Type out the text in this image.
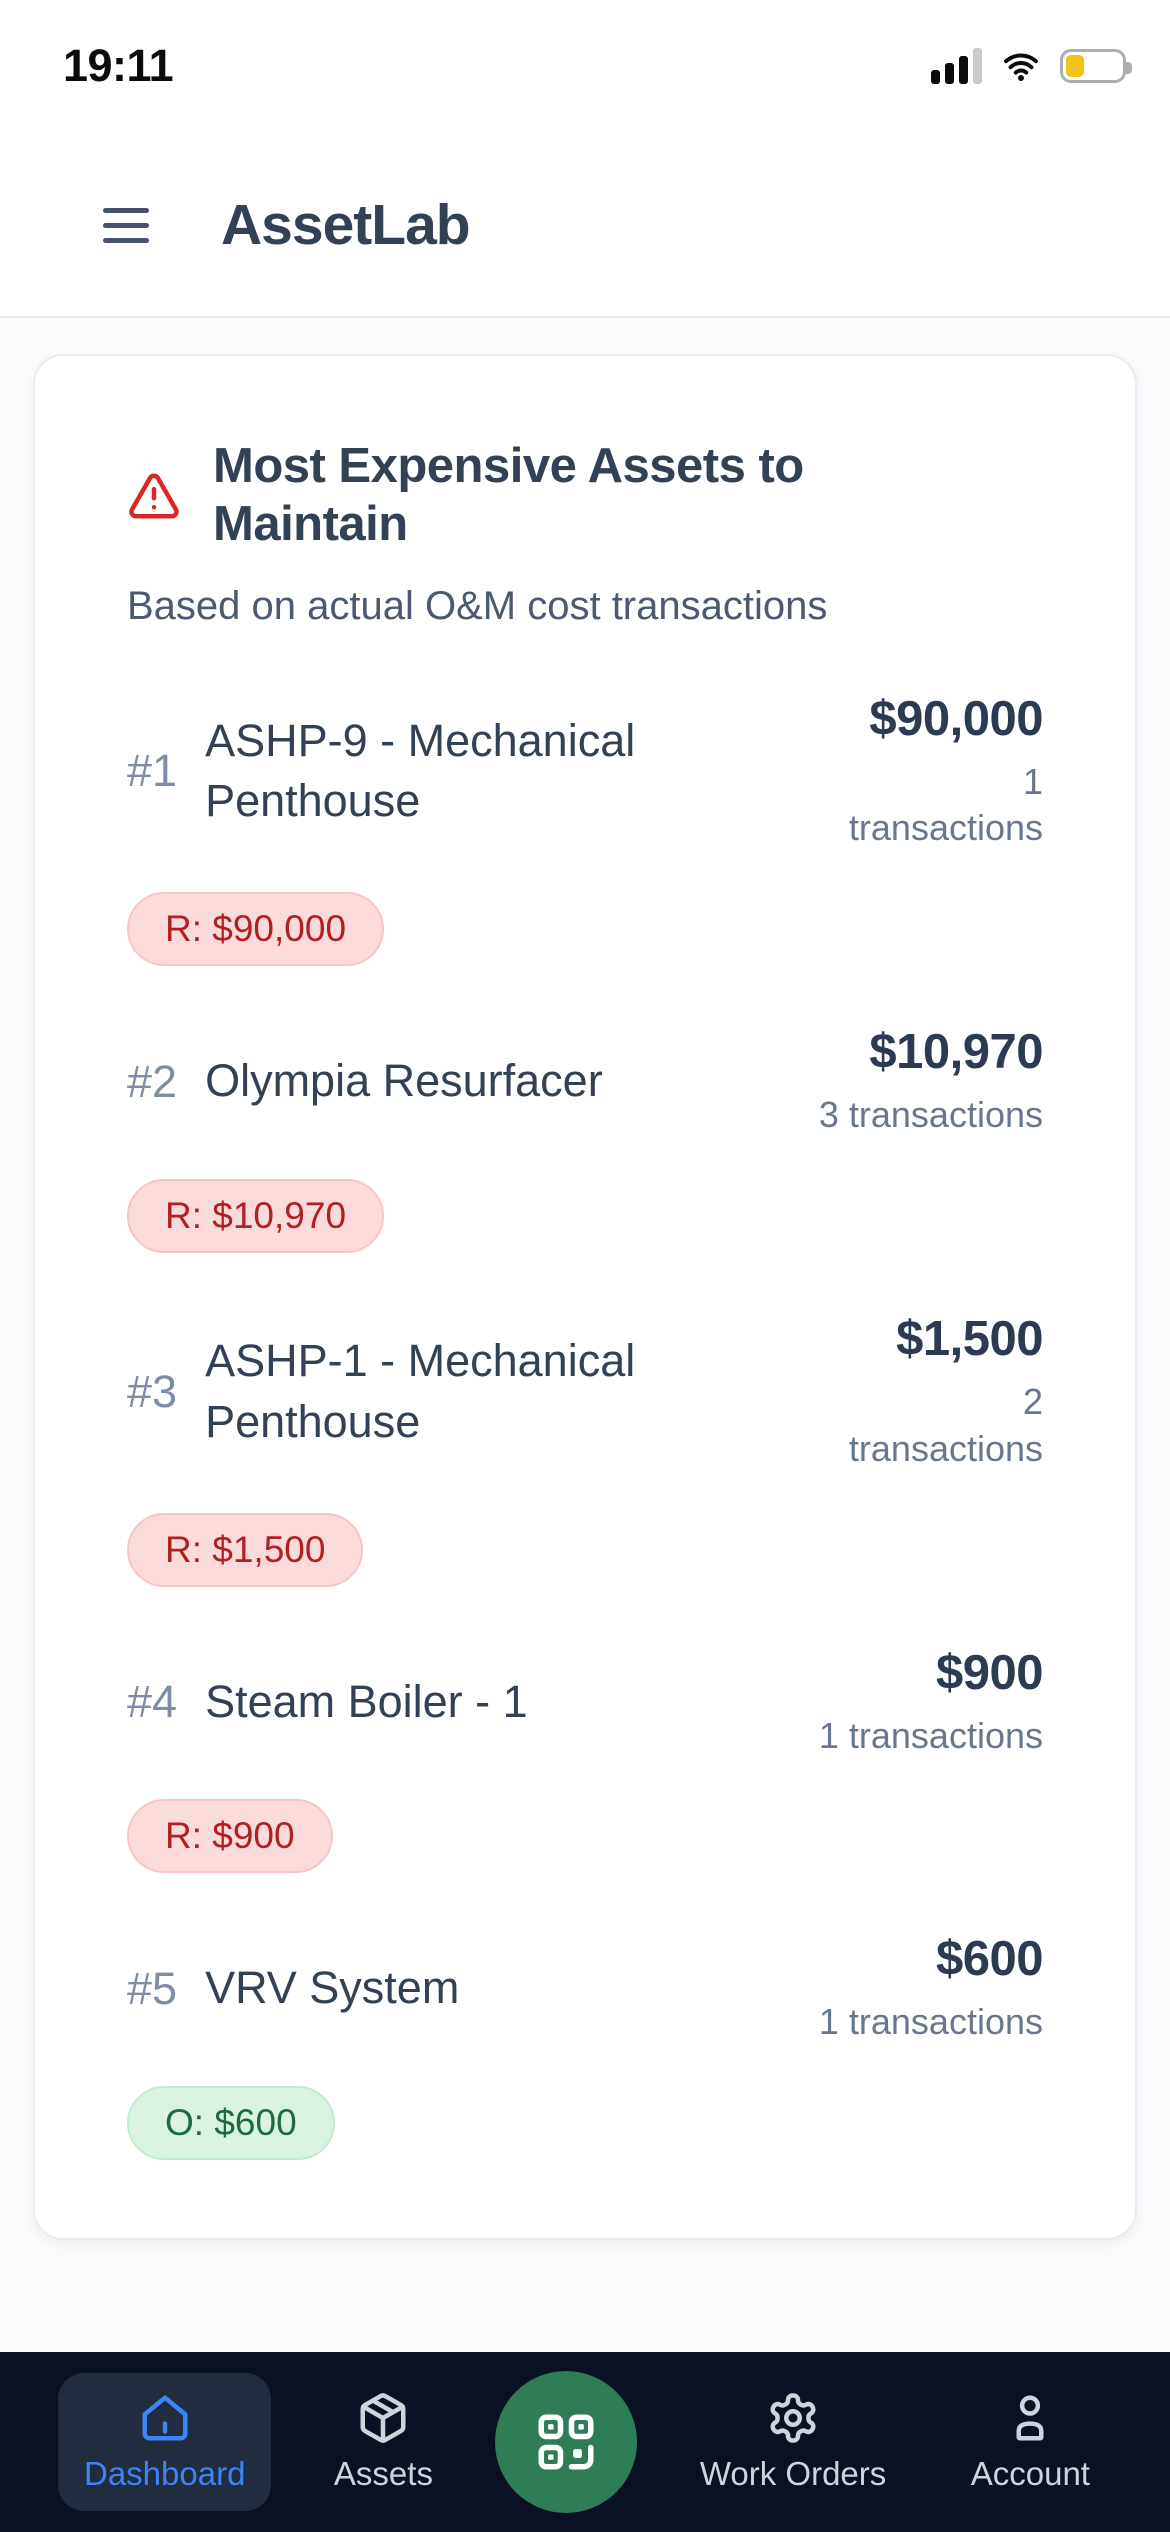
19:11
AssetLab
Most Expensive Assets to Maintain

Based on actual O&M cost transactions

#1
ASHP-9 - Mechanical Penthouse
$90,000
1 transactions
R: $90,000
#2 Olympia Resurfacer
$10,970
3 transactions
R: $10,970
#3
ASHP-1 - Mechanical Penthouse
$1,500
2 transactions
R: $1,500
#4 Steam Boiler - 1
$900
1 transactions
R: $900
#5 VRV System
$600
1 transactions
O: $600
Dashboard	Assets	Work Orders	Account
